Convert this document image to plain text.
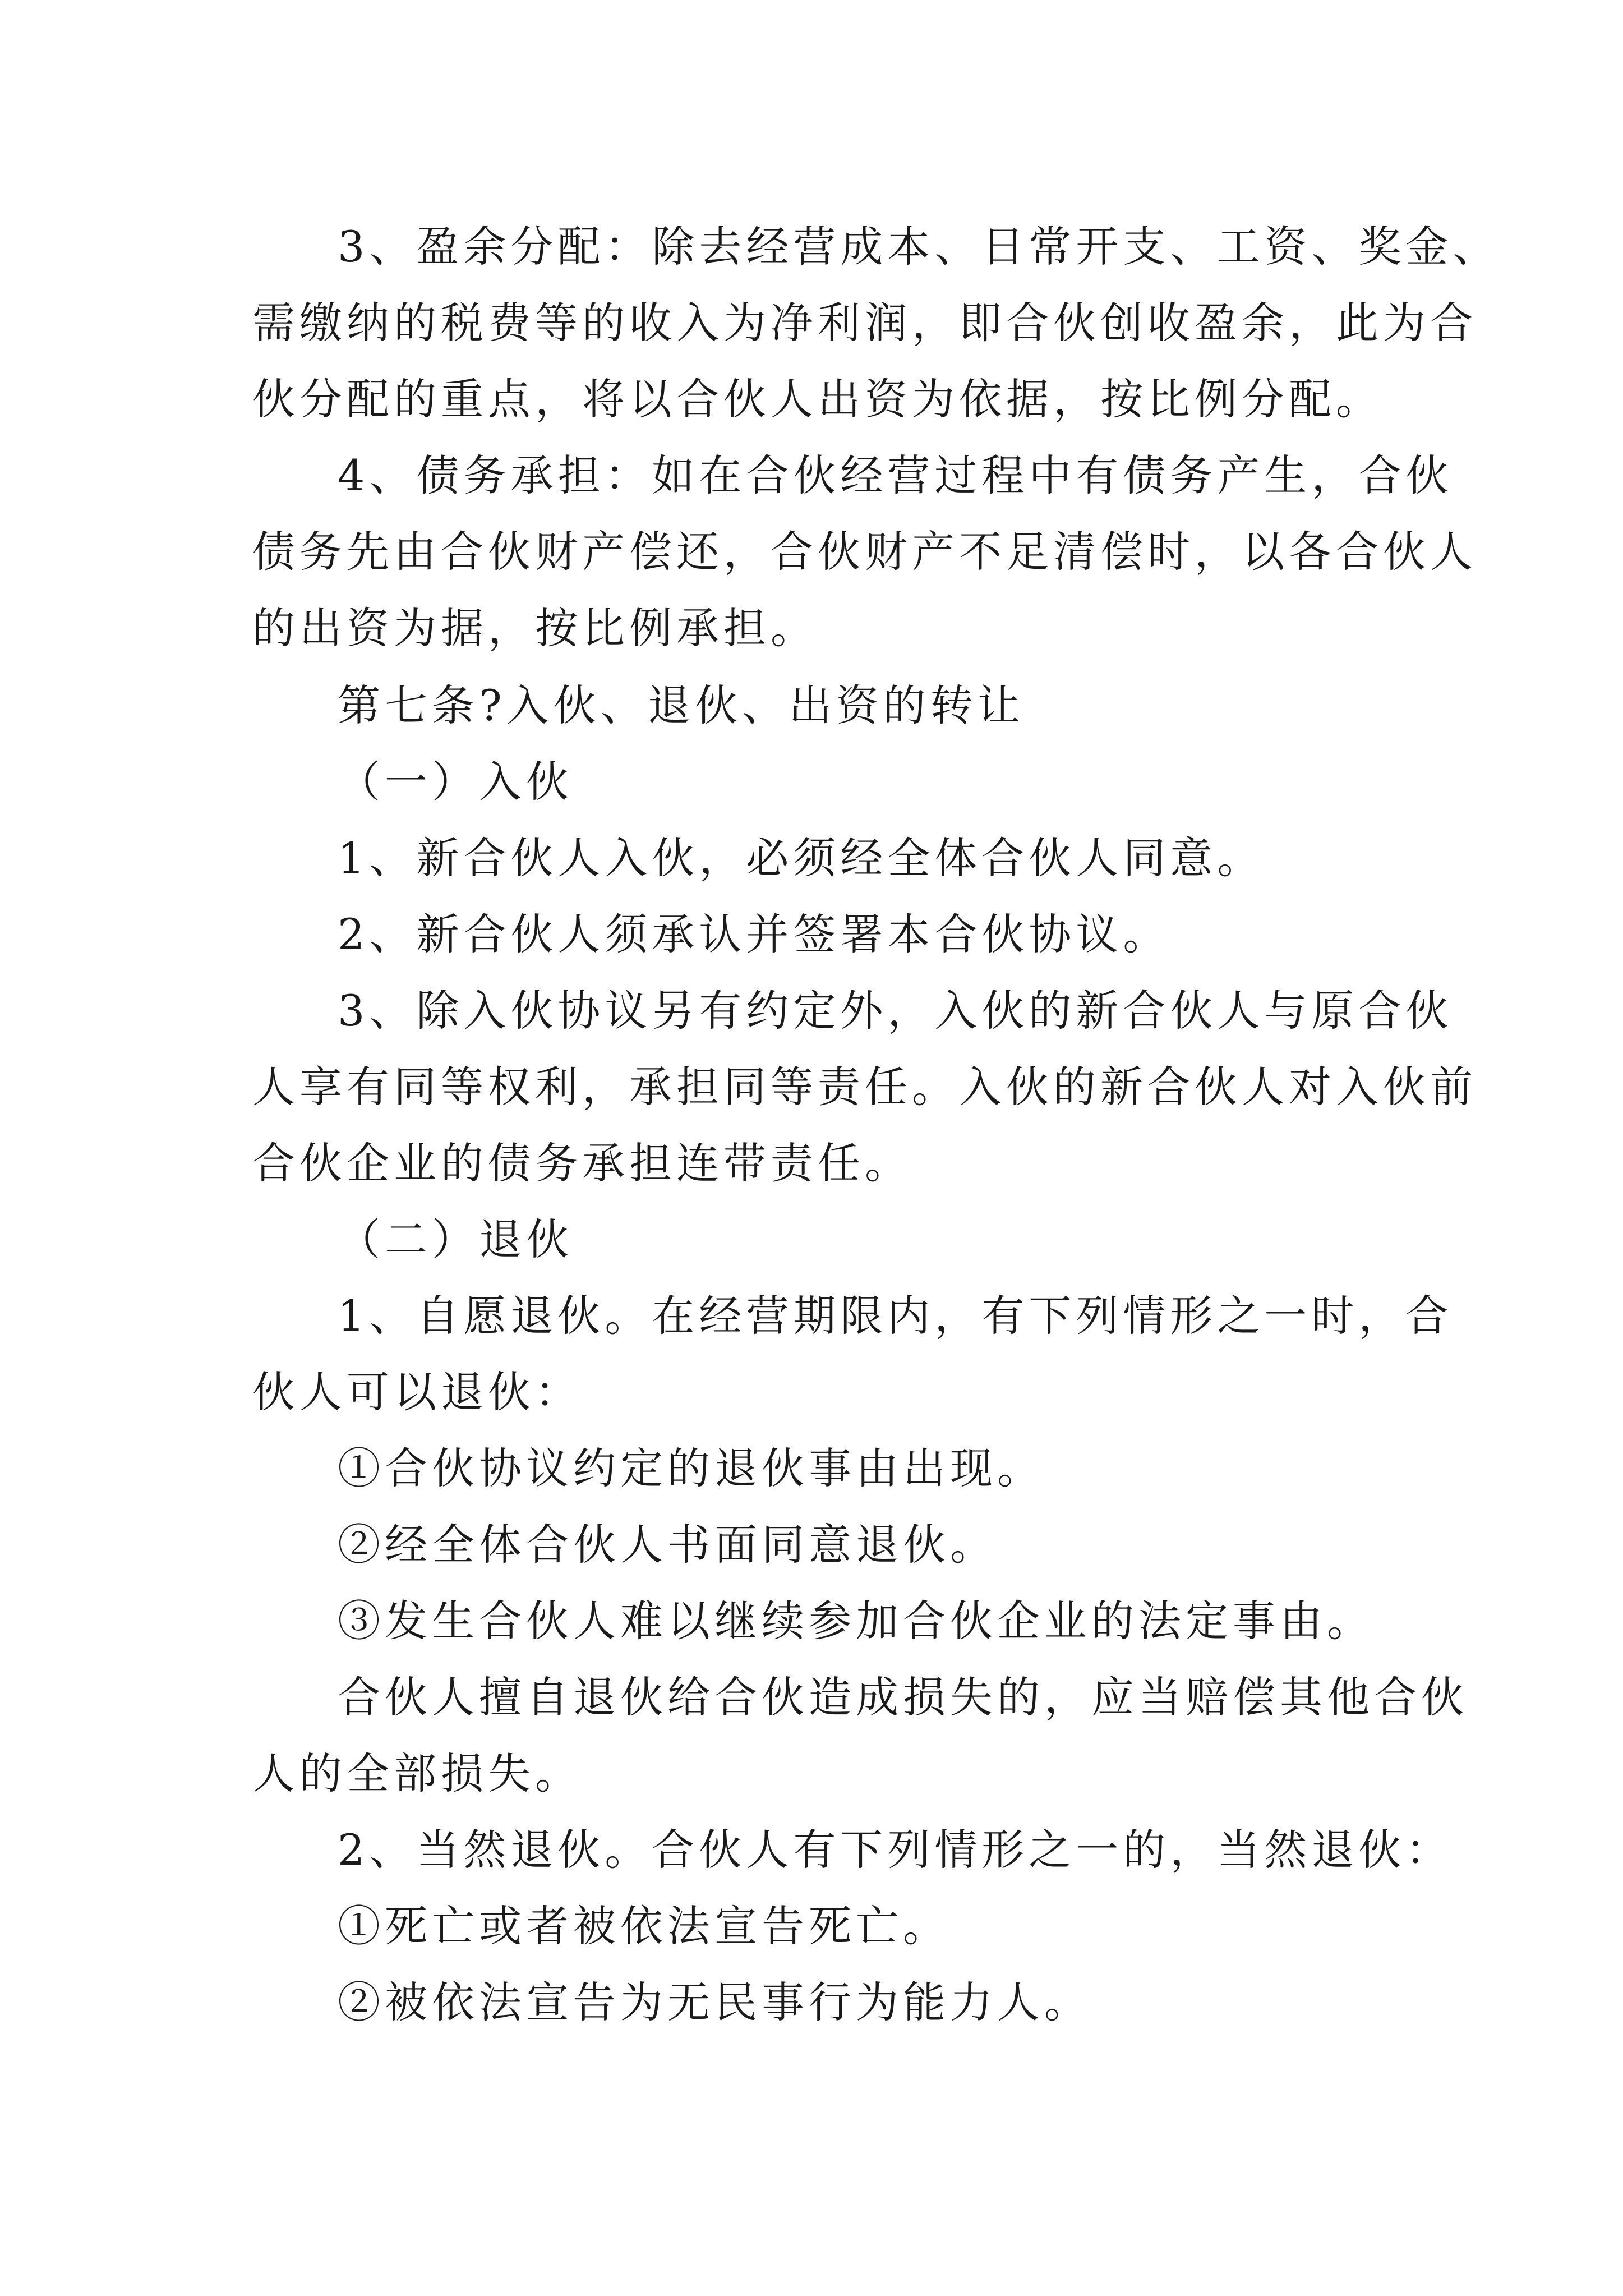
3、盈余分配：除去经营成本、日常开支、工资、奖金、
需缴纳的税费等的收入为净利润，即合伙创收盈余，此为合
伙分配的重点，将以合伙人出资为依据，按比例分配。

4、债务承担：如在合伙经营过程中有债务产生，合伙
债务先由合伙财产偿还，合伙财产不足清偿时，以各合伙人
的出资为据，按比例承担。

第七条?入伙、退伙、出资的转让

（一）入伙

1、新合伙人入伙，必须经全体合伙人同意。

2、新合伙人须承认并签署本合伙协议。

3、除入伙协议另有约定外，入伙的新合伙人与原合伙
人享有同等权利，承担同等责任。入伙的新合伙人对入伙前
合伙企业的债务承担连带责任。

（二）退伙

1、自愿退伙。在经营期限内，有下列情形之一时，合
伙人可以退伙：

①合伙协议约定的退伙事由出现。

②经全体合伙人书面同意退伙。

③发生合伙人难以继续参加合伙企业的法定事由。

合伙人擅自退伙给合伙造成损失的，应当赔偿其他合伙
人的全部损失。

2、当然退伙。合伙人有下列情形之一的，当然退伙：

①死亡或者被依法宣告死亡。

②被依法宣告为无民事行为能力人。
